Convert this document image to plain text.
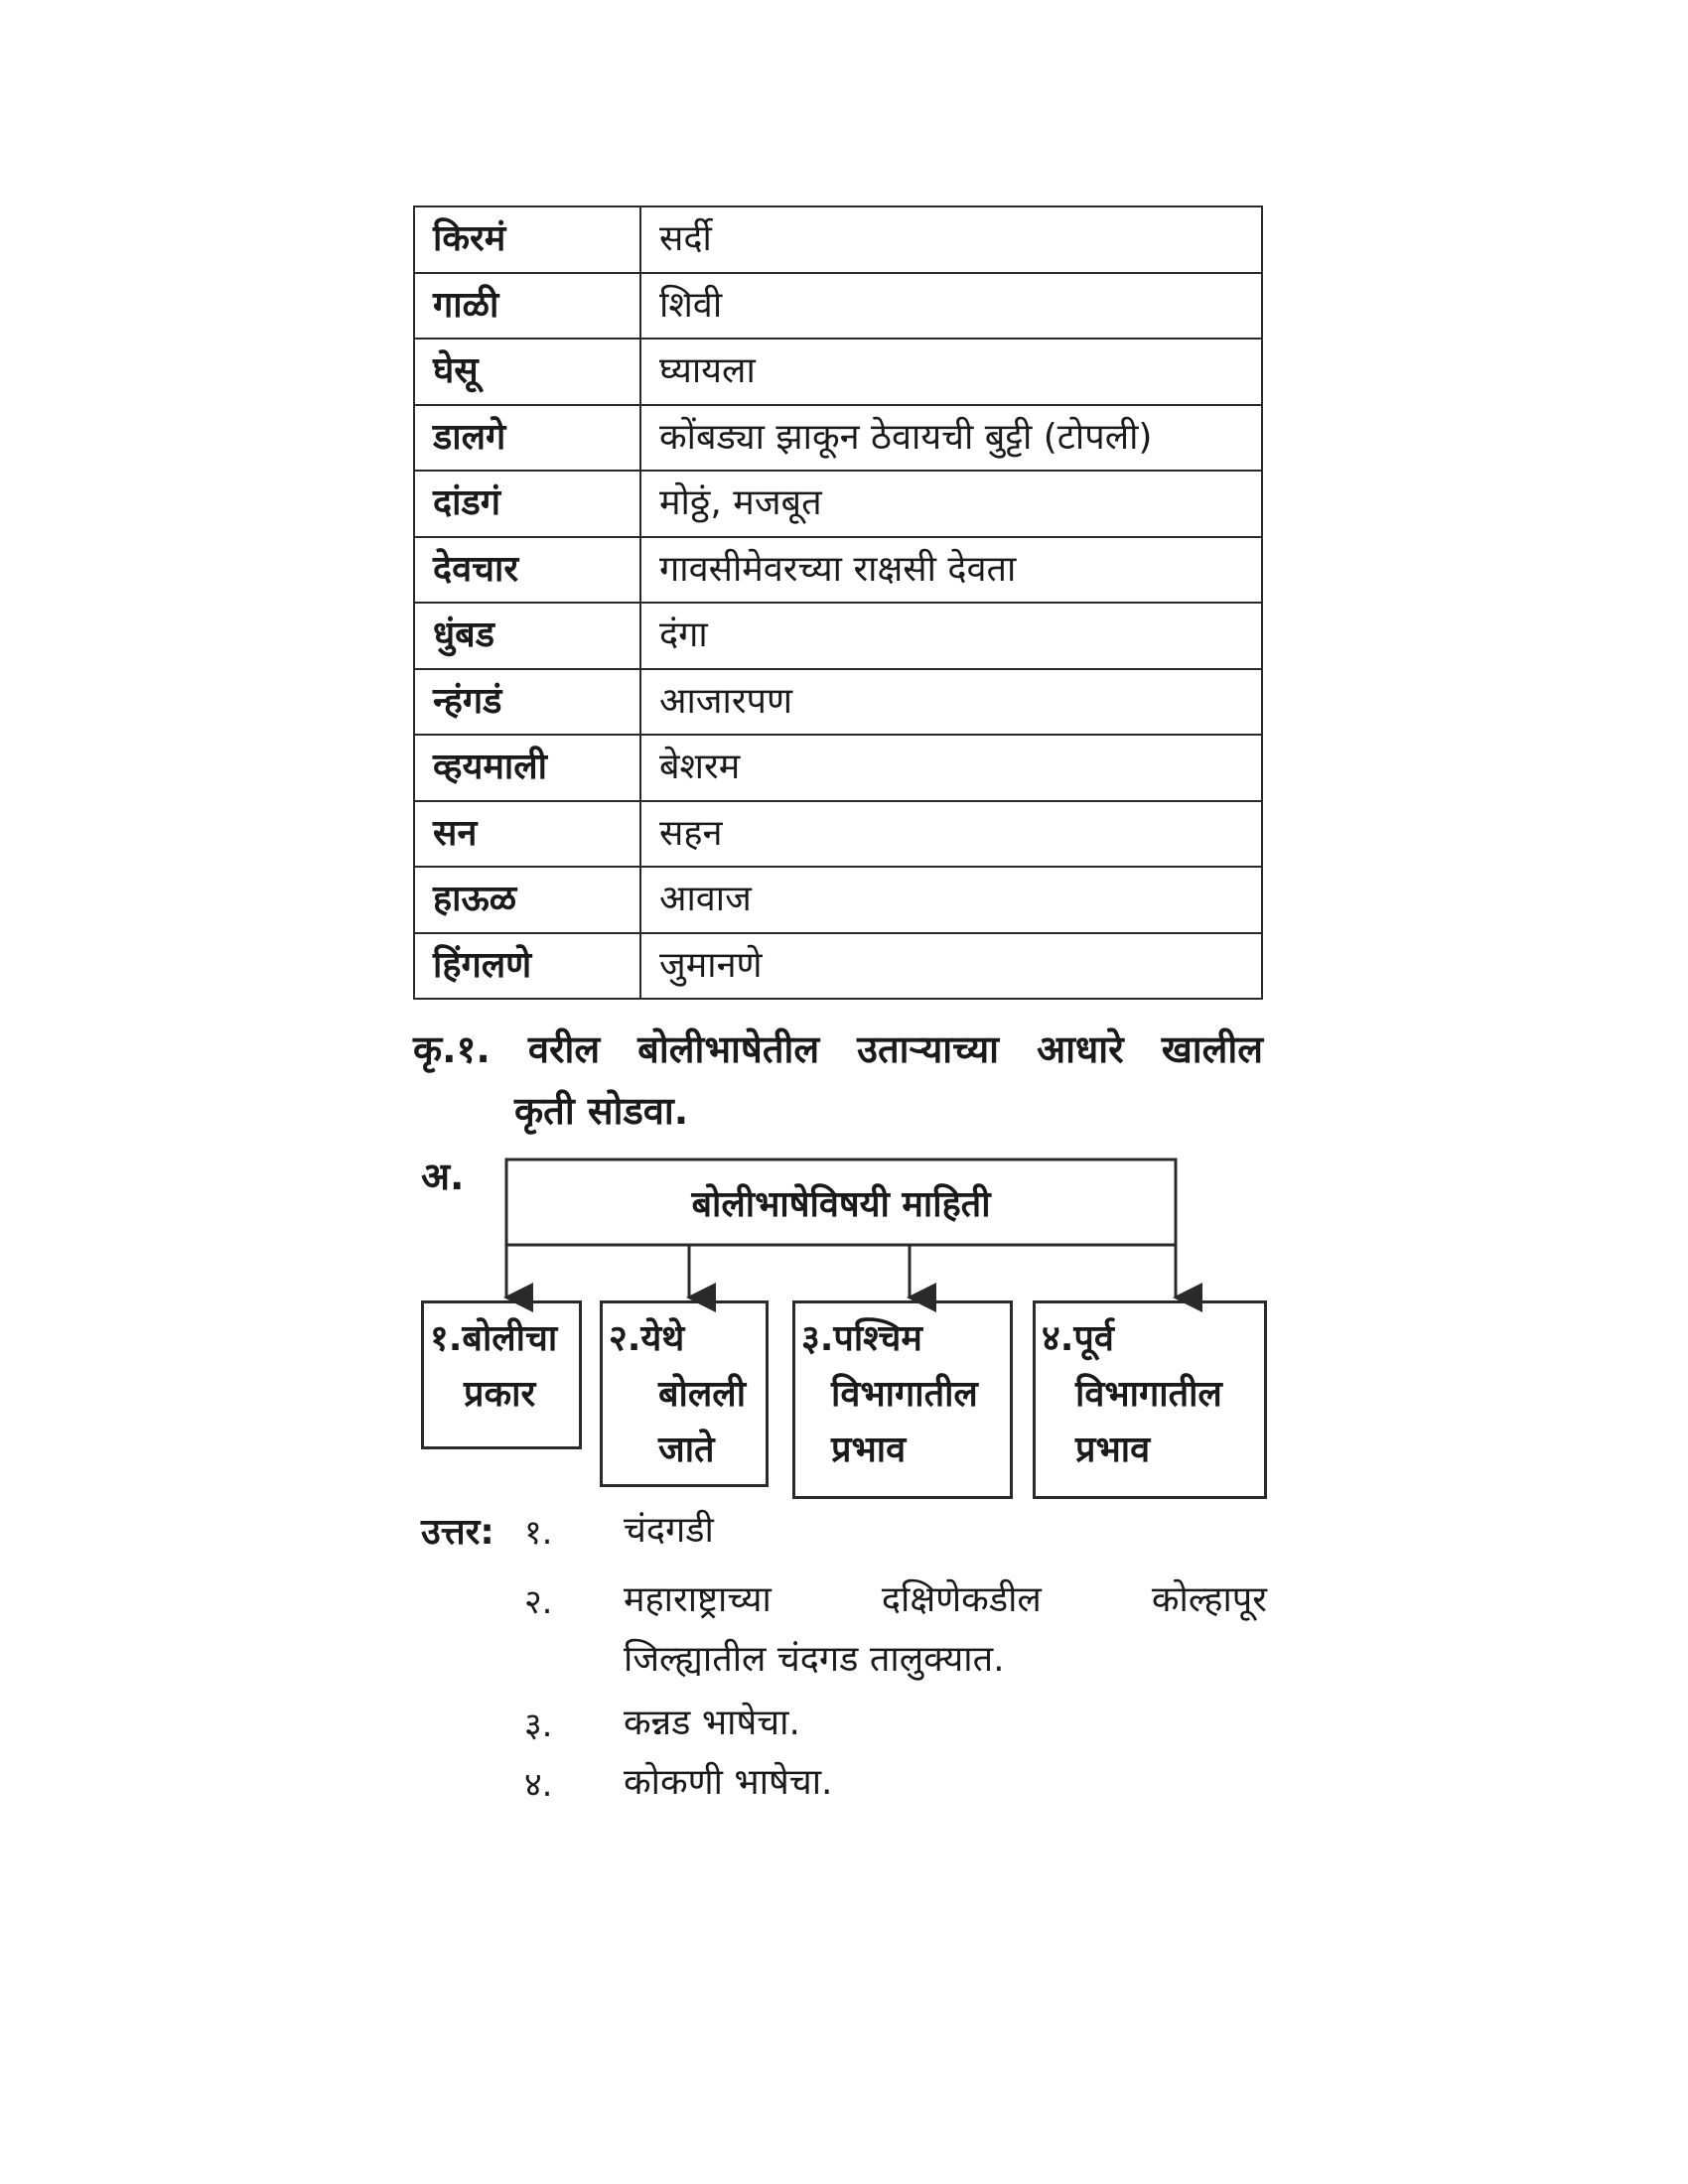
किरमं	सर्दी
गाळी	शिवी
घेसू	घ्यायला
डालगे	कोंबड्या झाकून ठेवायची बुट्टी (टोपली)
दांडगं	मोठ्ठं, मजबूत
देवचार	गावसीमेवरच्या राक्षसी देवता
धुंबड	दंगा
न्हंगडं	आजारपण
व्हयमाली	बेशरम
सन	सहन
हाऊळ	आवाज
हिंगलणे	जुमानणे
कृ.१. वरील बोलीभाषेतील उताऱ्याच्या आधारे खालील
कृती सोडवा.
अ.
बोलीभाषेविषयी माहिती
१.बोलीचा
प्रकार
२.येथे
बोलली
जाते
३.पश्चिम
विभागातील
प्रभाव
४.पूर्व
विभागातील
प्रभाव
उत्तर: १. चंदगडी
२. महाराष्ट्राच्या	दक्षिणेकडील	कोल्हापूर
जिल्ह्यातील चंदगड तालुक्यात.
३. कन्नड भाषेचा.
४. कोकणी भाषेचा.
